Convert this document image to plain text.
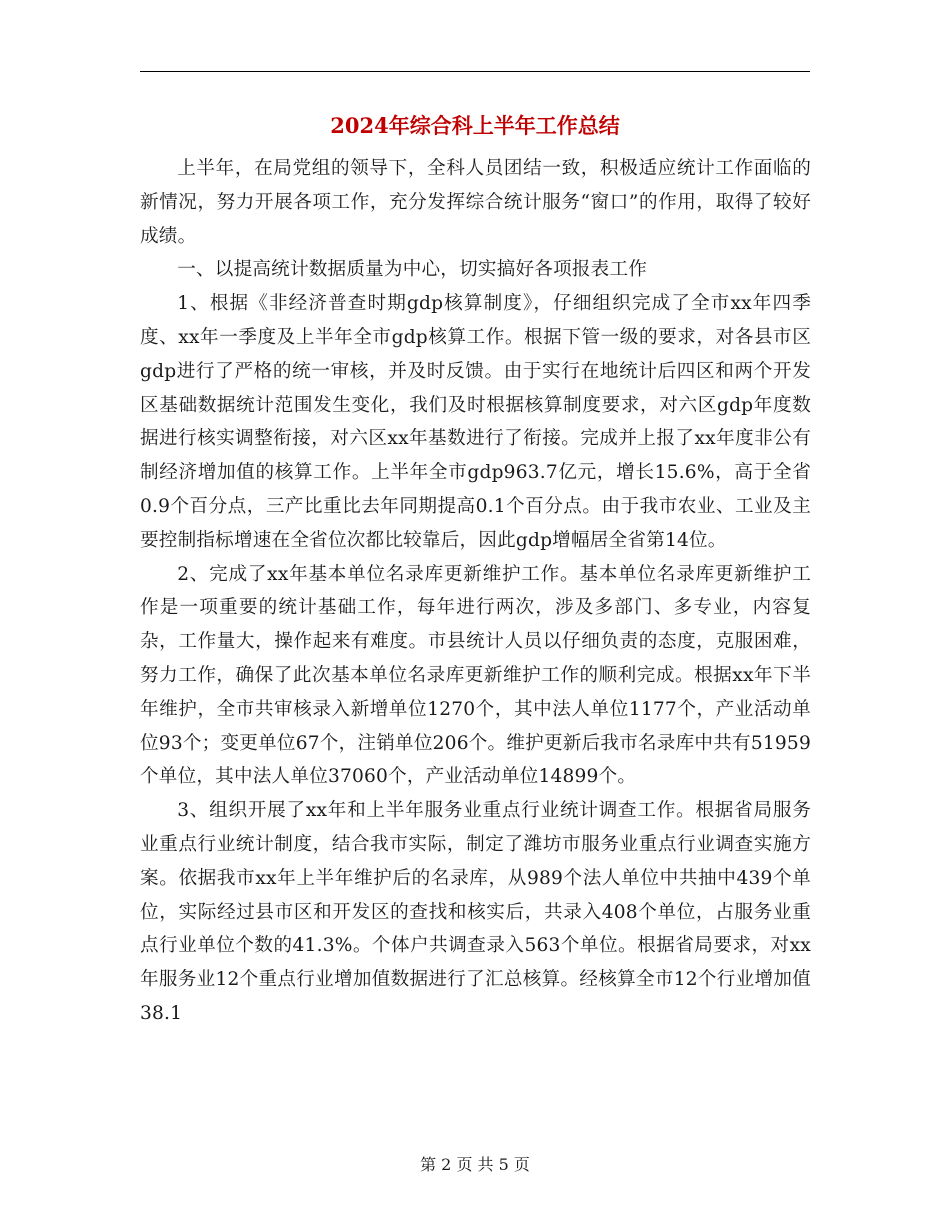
2024年综合科上半年工作总结

上半年，在局党组的领导下，全科人员团结一致，积极适应统计工作面临的新情况，努力开展各项工作，充分发挥综合统计服务“窗口”的作用，取得了较好成绩。

一、以提高统计数据质量为中心，切实搞好各项报表工作

1、根据《非经济普查时期gdp核算制度》，仔细组织完成了全市xx年四季度、xx年一季度及上半年全市gdp核算工作。根据下管一级的要求，对各县市区gdp进行了严格的统一审核，并及时反馈。由于实行在地统计后四区和两个开发区基础数据统计范围发生变化，我们及时根据核算制度要求，对六区gdp年度数据进行核实调整衔接，对六区xx年基数进行了衔接。完成并上报了xx年度非公有制经济增加值的核算工作。上半年全市gdp963.7亿元，增长15.6%，高于全省0.9个百分点，三产比重比去年同期提高0.1个百分点。由于我市农业、工业及主要控制指标增速在全省位次都比较靠后，因此gdp增幅居全省第14位。

2、完成了xx年基本单位名录库更新维护工作。基本单位名录库更新维护工作是一项重要的统计基础工作，每年进行两次，涉及多部门、多专业，内容复杂，工作量大，操作起来有难度。市县统计人员以仔细负责的态度，克服困难，努力工作，确保了此次基本单位名录库更新维护工作的顺利完成。根据xx年下半年维护，全市共审核录入新增单位1270个，其中法人单位1177个，产业活动单位93个；变更单位67个，注销单位206个。维护更新后我市名录库中共有51959个单位，其中法人单位37060个，产业活动单位14899个。

3、组织开展了xx年和上半年服务业重点行业统计调查工作。根据省局服务业重点行业统计制度，结合我市实际，制定了潍坊市服务业重点行业调查实施方案。依据我市xx年上半年维护后的名录库，从989个法人单位中共抽中439个单位，实际经过县市区和开发区的查找和核实后，共录入408个单位，占服务业重点行业单位个数的41.3%。个体户共调查录入563个单位。根据省局要求，对xx年服务业12个重点行业增加值数据进行了汇总核算。经核算全市12个行业增加值38.1

第 2 页 共 5 页
